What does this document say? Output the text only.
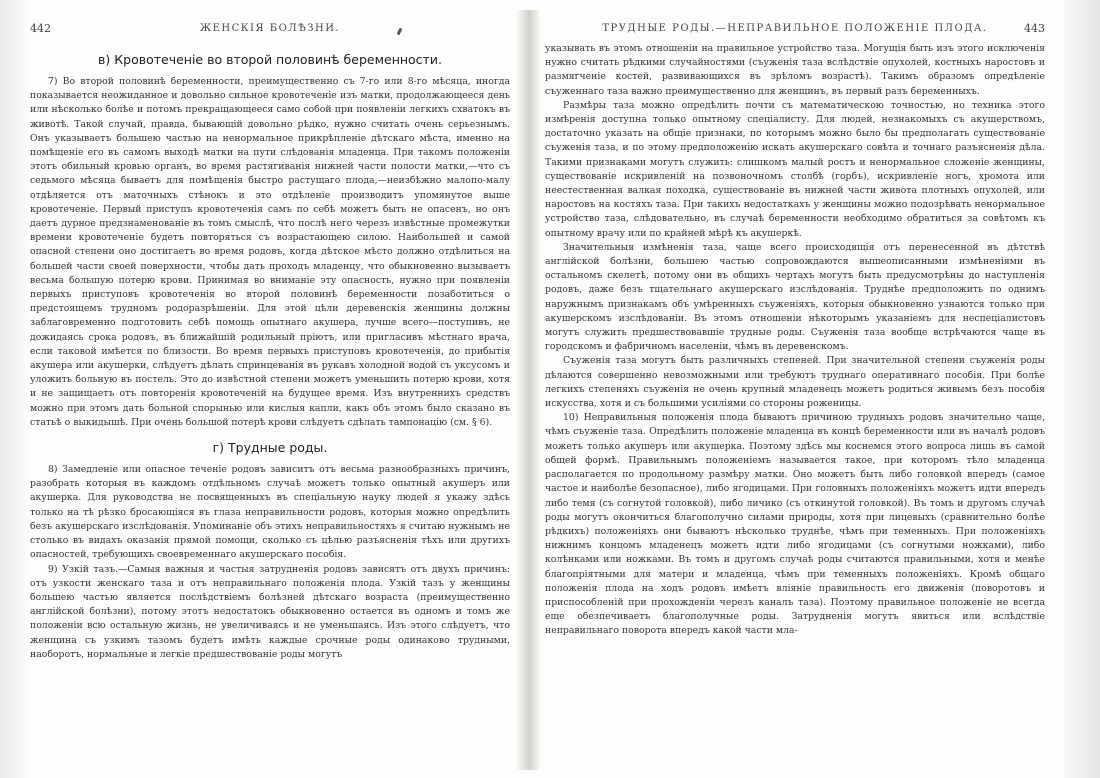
442	ЖЕНСКІЯ БОЛѢЗНИ.
в) Кровотеченіе во второй половинѣ беременности.

7) Во второй половинѣ беременности, преимущественно съ 7-го или 8-го мѣсяца, иногда показывается неожиданное и довольно сильное кровотеченіе изъ матки, продолжающееся день или нѣсколько болѣе и потомъ прекращающееся само собой при появленіи легкихъ схватокъ въ животѣ. Такой случай, правда, бывающій довольно рѣдко, нужно считать очень серьезнымъ. Онъ указываетъ большею частью на ненормальное прикрѣпленіе дѣтскаго мѣста, именно на помѣщеніе его въ самомъ выходѣ матки на пути слѣдованія младенца. При такомъ положеніи этотъ обильный кровью органъ, во время растягиванія нижней части полости матки,—что съ седьмого мѣсяца бываетъ для помѣщенія быстро растущаго плода,—неизбѣжно малопо-малу отдѣляется отъ маточныхъ стѣнокъ и это отдѣленіе производитъ упомянутое выше кровотеченіе. Первый приступъ кровотеченія самъ по себѣ можетъ быть не опасенъ, но онъ даетъ дурное предзнаменованіе въ томъ смыслѣ, что послѣ него черезъ извѣстные промежутки времени кровотеченіе будетъ повторяться съ возрастающею силою. Наибольшей и самой опасной степени оно достигаетъ во время родовъ, когда дѣтское мѣсто должно отдѣлиться на большей части своей поверхности, чтобы дать проходъ младенцу, что обыкновенно вызываетъ весьма большую потерю крови. Принимая во вниманіе эту опасность, нужно при появленіи первыхъ приступовъ кровотеченія во второй половинѣ беременности позаботиться о предстоящемъ трудномъ родоразрѣшеніи. Для этой цѣли деревенскія женщины должны заблаговременно подготовить себѣ помощь опытнаго акушера, лучше всего—поступивъ, не дожидаясь срока родовъ, въ ближайшій родильный пріютъ, или пригласивъ мѣстнаго врача, если таковой имѣется по близости. Во время первыхъ приступовъ кровотеченія, до прибытія акушера или акушерки, слѣдуетъ дѣлать спринцеванія въ рукавъ холодной водой съ уксусомъ и уложить больную въ постель. Это до извѣстной степени можетъ уменьшить потерю крови, хотя и не защищаетъ отъ повторенія кровотеченій на будущее время. Изъ внутреннихъ средствъ можно при этомъ дать больной спорынью или кислыя капли, какъ объ этомъ было сказано въ статьѣ о выкидышѣ. При очень большой потерѣ крови слѣдуетъ сдѣлать тампонацію (см. § 6).

г) Трудные роды.

8) Замедленіе или опасное теченіе родовъ зависитъ отъ весьма разнообразныхъ причинъ, разобрать которыя въ каждомъ отдѣльномъ случаѣ можетъ только опытный акушеръ или акушерка. Для руководства не посвященныхъ въ спеціальную науку людей я укажу здѣсь только на тѣ рѣзко бросающіяся въ глаза неправильности родовъ, которыя можно опредѣлить безъ акушерскаго изслѣдованія. Упоминаніе объ этихъ неправильностяхъ я считаю нужнымъ не столько въ видахъ оказанія прямой помощи, сколько съ цѣлью разъясненія тѣхъ или другихъ опасностей, требующихъ своевременнаго акушерскаго пособія.

9) Узкій тазъ.—Самыя важныя и частыя затрудненія родовъ зависятъ отъ двухъ причинъ: отъ узкости женскаго таза и отъ неправильнаго положенія плода. Узкій тазъ у женщины большею частью является послѣдствіемъ болѣзней дѣтскаго возраста (преимущественно англійской болѣзни), потому этотъ недостатокъ обыкновенно остается въ одномъ и томъ же положеніи всю остальную жизнь, не увеличиваясь и не уменьшаясь. Изъ этого слѣдуетъ, что женщина съ узкимъ тазомъ будетъ имѣть каждые срочные роды одинаково трудными, наоборотъ, нормальные и легкіе предшествованіе роды могутъ

ТРУДНЫЕ РОДЫ.—НЕПРАВИЛЬНОЕ ПОЛОЖЕНІЕ ПЛОДА.	443

указывать въ этомъ отношеніи на правильное устройство таза. Могущія быть изъ этого исключенія нужно считать рѣдкими случайностями (съуженія таза вслѣдствіе опухолей, костныхъ наростовъ и размягченіе костей, развивающихся въ зрѣломъ возрастѣ). Такимъ образомъ опредѣленіе съуженнаго таза важно преимущественно для женщинъ, въ первый разъ беременныхъ.

Размѣры таза можно опредѣлить почти съ математическою точностью, но техника этого измѣренія доступна только опытному спеціалисту. Для людей, незнакомыхъ съ акушерствомъ, достаточно указать на общіе признаки, по которымъ можно было бы предполагать существованіе съуженія таза, и по этому предположенію искать акушерскаго совѣта и точнаго разъясненія дѣла. Такими признаками могутъ служить: слишкомъ малый ростъ и ненормальное сложеніе женщины, существованіе искривленій на позвоночномъ столбѣ (горбъ), искривленіе ногъ, хромота или неестественная валкая походка, существованіе въ нижней части живота плотныхъ опухолей, или наростовъ на костяхъ таза. При такихъ недостаткахъ у женщины можно подозрѣвать ненормальное устройство таза, слѣдовательно, въ случаѣ беременности необходимо обратиться за совѣтомъ къ опытному врачу или по крайней мѣрѣ къ акушеркѣ.

Значительныя измѣненія таза, чаще всего происходящія отъ перенесенной въ дѣтствѣ англійской болѣзни, большею частью сопровождаются вышеописанными измѣненіями въ остальномъ скелетѣ, потому они въ общихъ чертахъ могутъ быть предусмотрѣны до наступленія родовъ, даже безъ тщательнаго акушерскаго изслѣдованія. Труднѣе предположить по однимъ наружнымъ признакамъ объ умѣренныхъ съуженіяхъ, которыя обыкновенно узнаются только при акушерскомъ изслѣдованіи. Въ этомъ отношеніи нѣкоторымъ указаніемъ для неспеціалистовъ могутъ служить предшествовавшіе трудные роды. Съуженія таза вообще встрѣчаются чаще въ городскомъ и фабричномъ населеніи, чѣмъ въ деревенскомъ.

Съуженія таза могутъ быть различныхъ степеней. При значительной степени съуженія роды дѣлаются совершенно невозможными или требуютъ труднаго оперативнаго пособія. При болѣе легкихъ степеняхъ съуженія не очень крупный младенецъ можетъ родиться живымъ безъ пособія искусства, хотя и съ большими усиліями со стороны роженицы.

10) Неправильныя положенія плода бываютъ причиною трудныхъ родовъ значительно чаще, чѣмъ съуженіе таза. Опредѣлить положеніе младенца въ концѣ беременности или въ началѣ родовъ можетъ только акушеръ или акушерка. Поэтому здѣсь мы коснемся этого вопроса лишь въ самой общей формѣ. Правильнымъ положеніемъ называется такое, при которомъ тѣло младенца располагается по продольному размѣру матки. Оно можетъ быть либо головкой впередъ (самое частое и наиболѣе безопасное), либо ягодицами. При головныхъ положеніяхъ можетъ идти впередъ либо темя (съ согнутой головкой), либо личико (съ откинутой головкой). Въ томъ и другомъ случаѣ роды могутъ окончиться благополучно силами природы, хотя при лицевыхъ (сравнительно болѣе рѣдкихъ) положеніяхъ они бываютъ нѣсколько труднѣе, чѣмъ при теменныхъ. При положеніяхъ нижнимъ концомъ младенецъ можетъ идти либо ягодицами (съ согнутыми ножками), либо колѣнками или ножками. Въ томъ и другомъ случаѣ роды считаются правильными, хотя и менѣе благопріятными для матери и младенца, чѣмъ при теменныхъ положеніяхъ. Кромѣ общаго положенія плода на ходъ родовъ имѣетъ вліяніе правильность его движенія (поворотовъ и приспособленій при прохожденіи черезъ каналъ таза). Поэтому правильное положеніе не всегда еще обезпечиваетъ благополучные роды. Затрудненія могутъ явиться или вслѣдствіе неправильнаго поворота впередъ какой части мла-
